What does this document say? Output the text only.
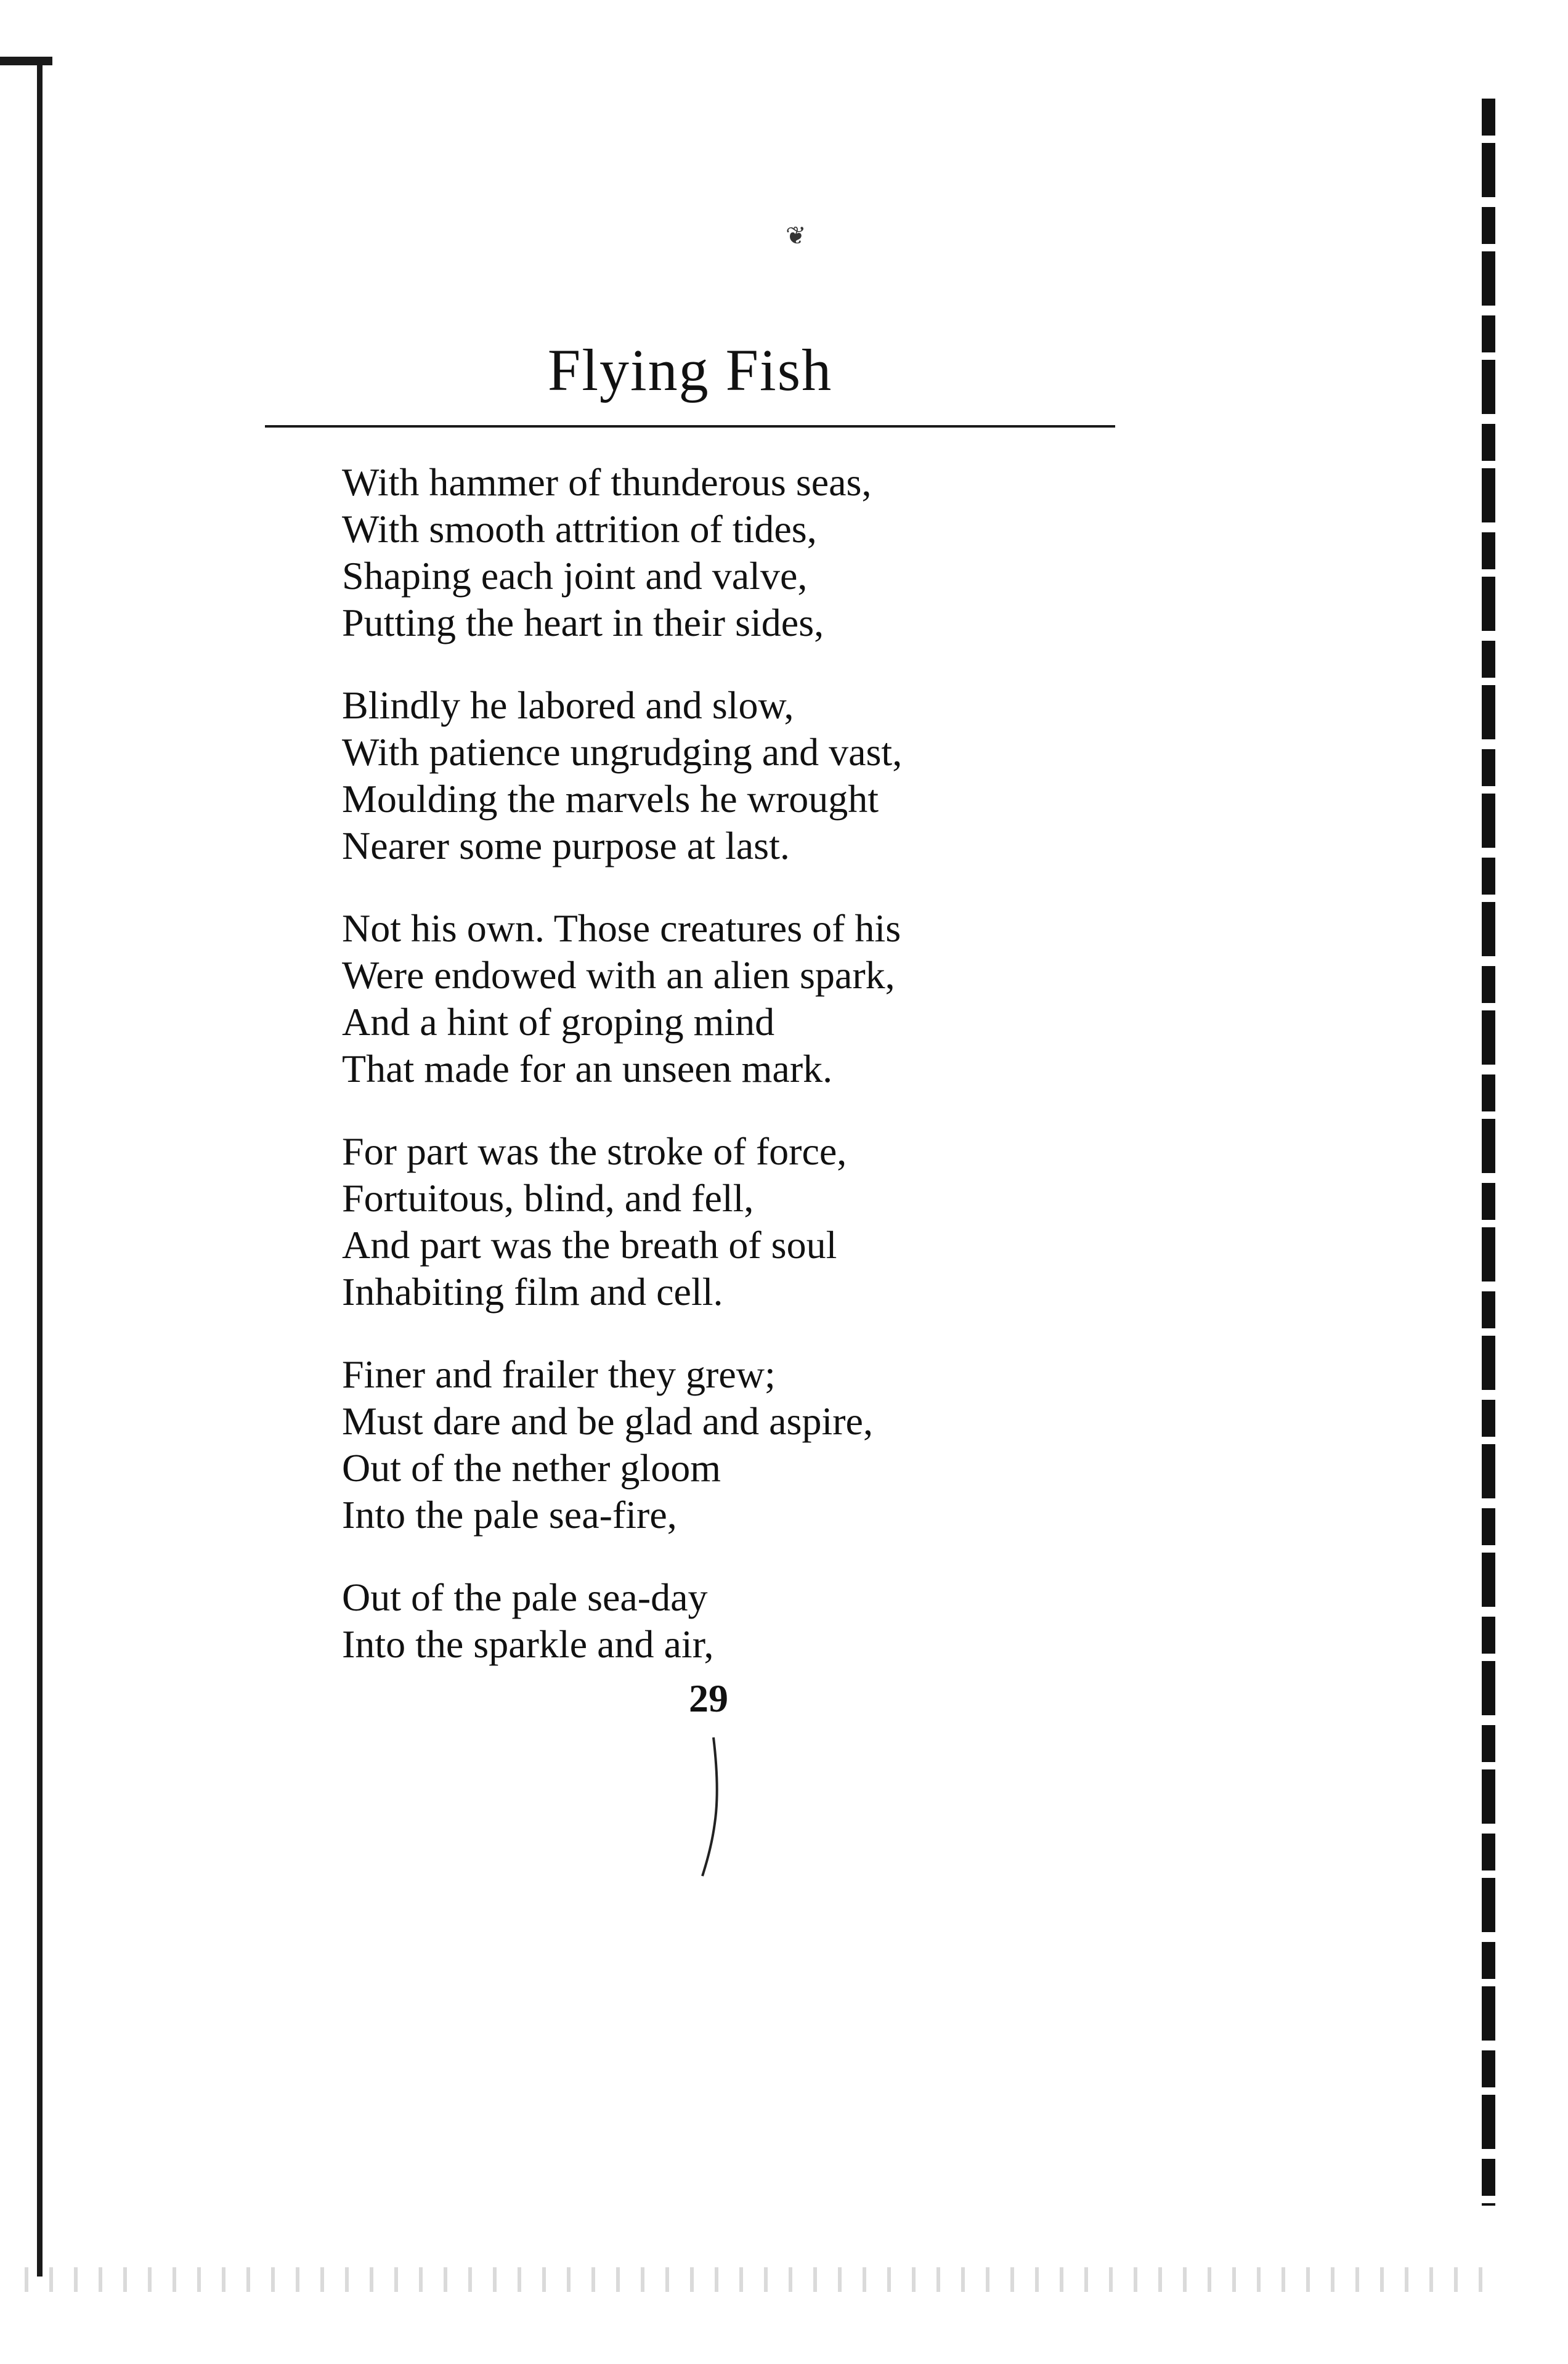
❦
Flying Fish
With hammer of thunderous seas,
With smooth attrition of tides,
Shaping each joint and valve,
Putting the heart in their sides,
Blindly he labored and slow,
With patience ungrudging and vast,
Moulding the marvels he wrought
Nearer some purpose at last.
Not his own. Those creatures of his
Were endowed with an alien spark,
And a hint of groping mind
That made for an unseen mark.
For part was the stroke of force,
Fortuitous, blind, and fell,
And part was the breath of soul
Inhabiting film and cell.
Finer and frailer they grew;
Must dare and be glad and aspire,
Out of the nether gloom
Into the pale sea-fire,
Out of the pale sea-day
Into the sparkle and air,
29
